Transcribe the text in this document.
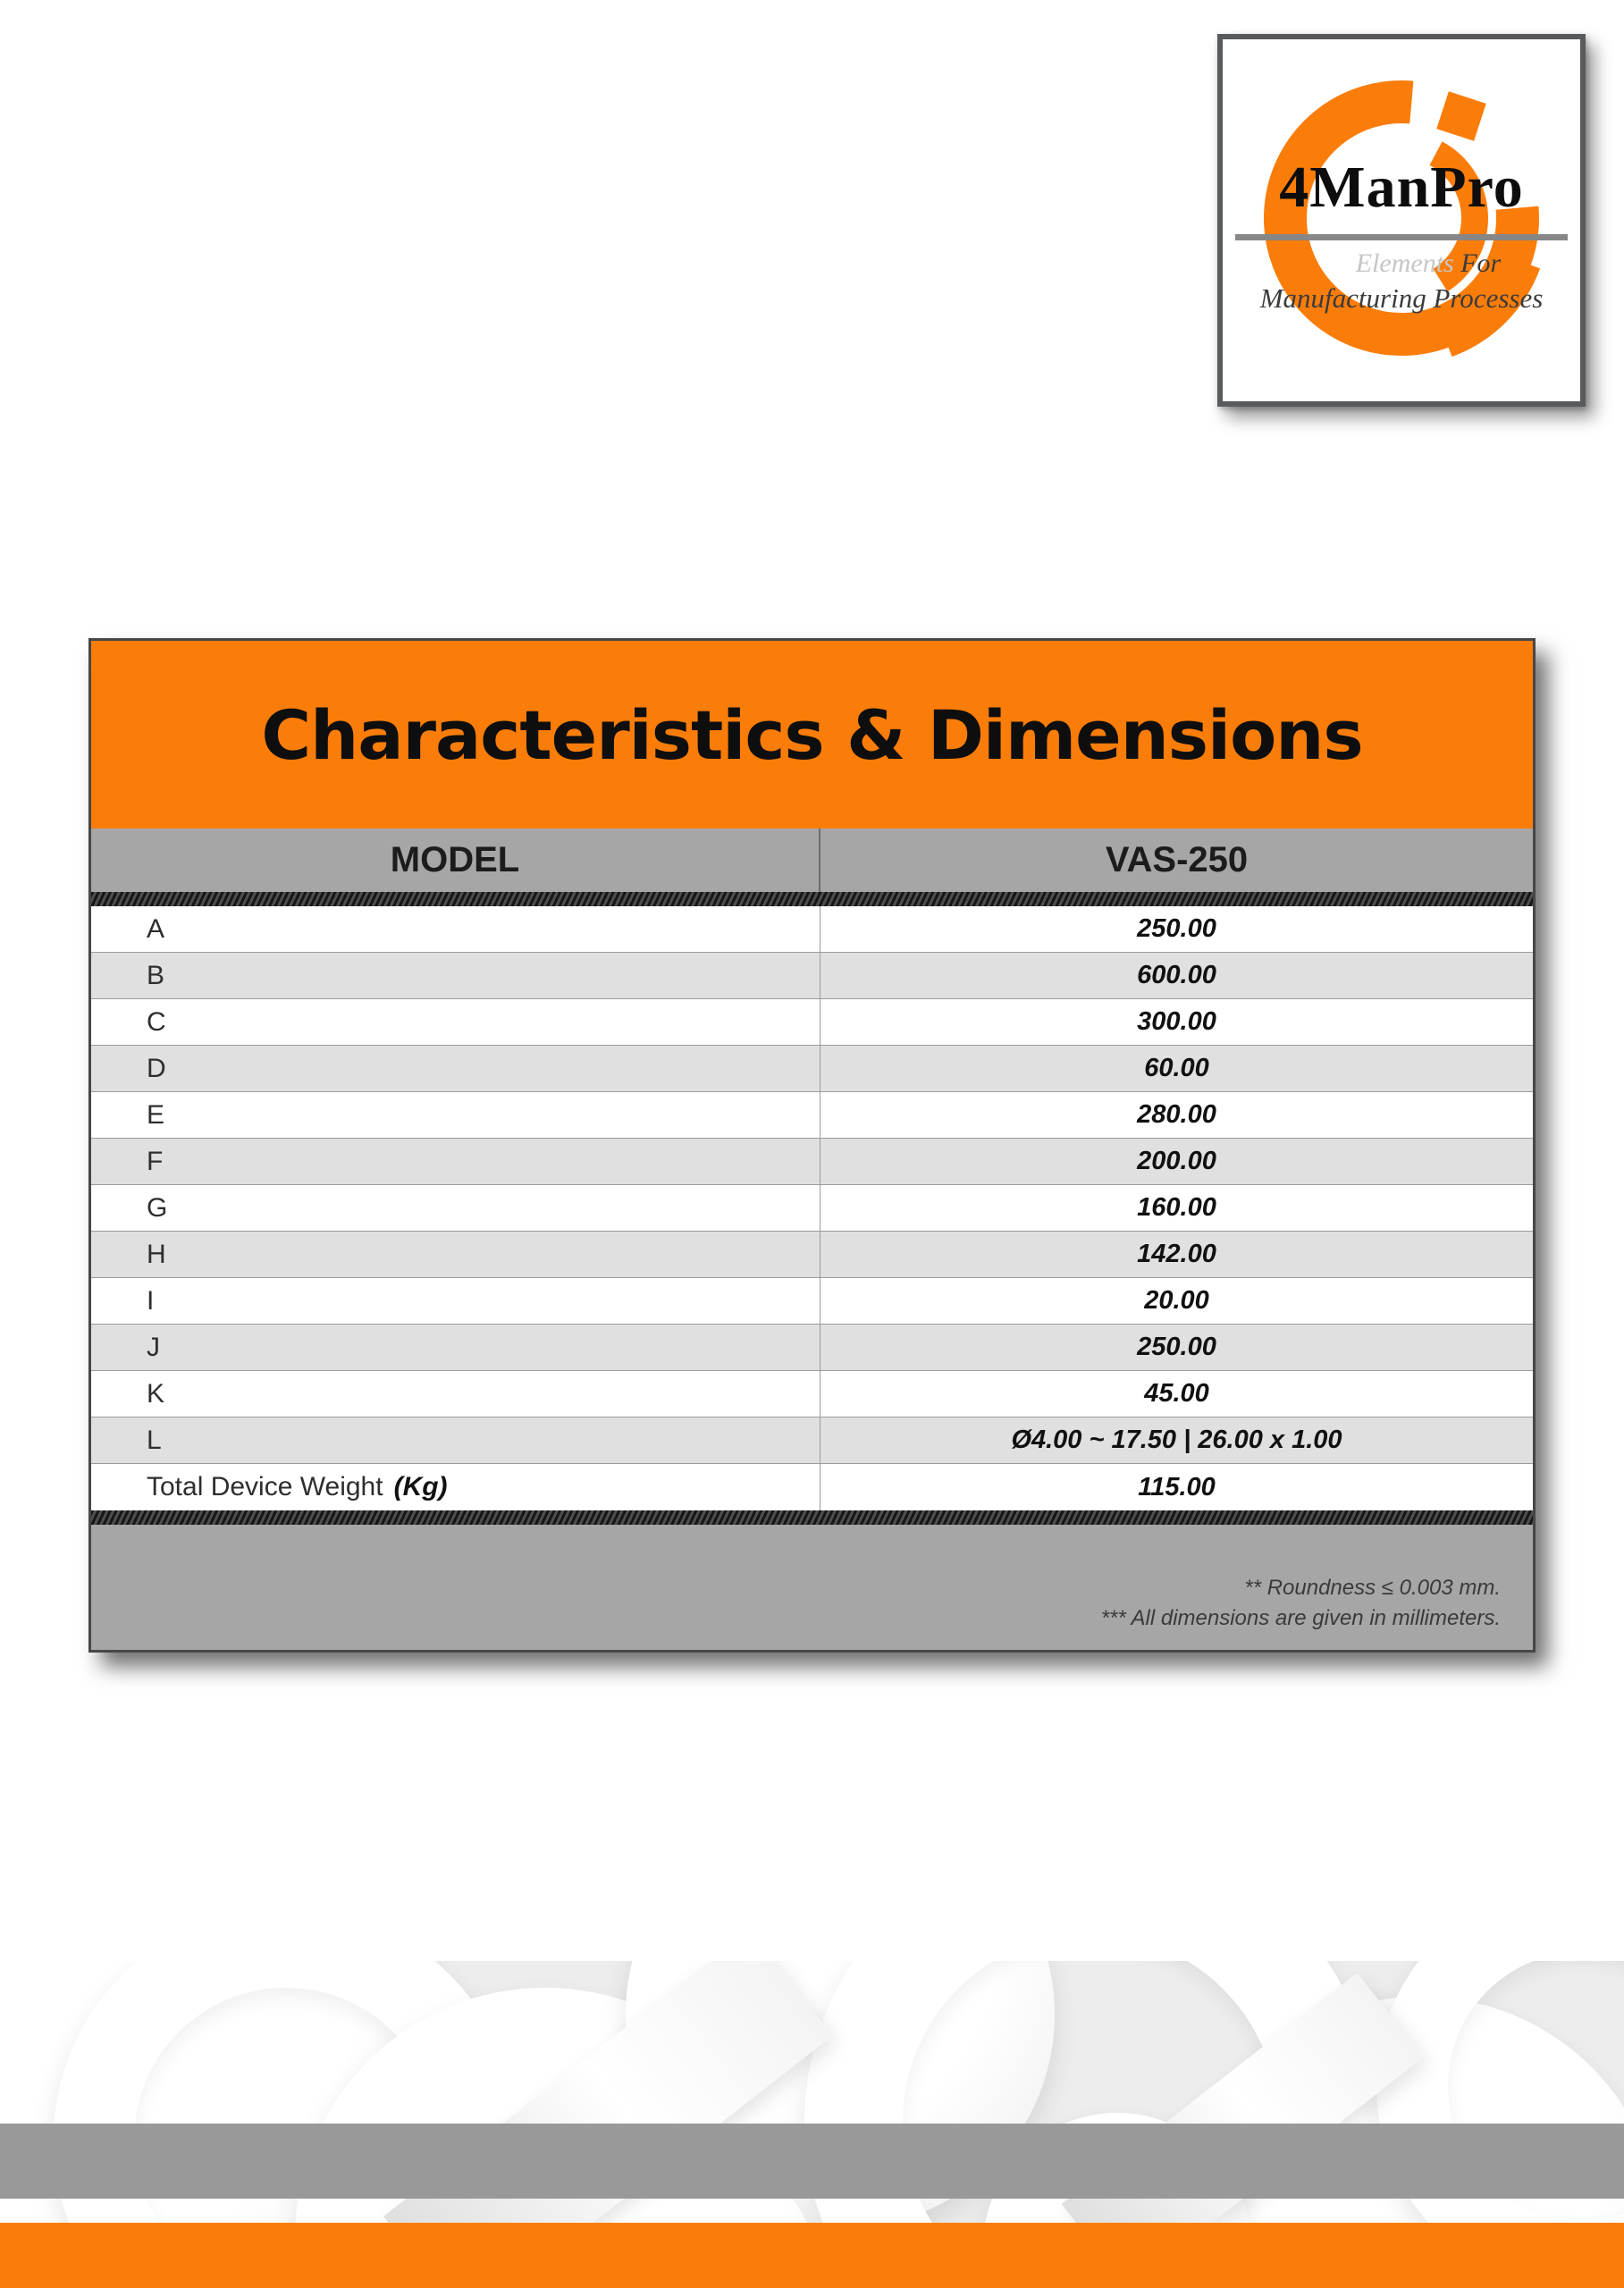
4ManPro
Elements For
Manufacturing Processes
Characteristics & Dimensions
MODEL	VAS-250
A	250.00
B	600.00
C	300.00
D	60.00
E	280.00
F	200.00
G	160.00
H	142.00
I	20.00
J	250.00
K	45.00
L	Ø4.00 ~ 17.50 | 26.00 x 1.00
Total Device Weight (Kg)	115.00
** Roundness ≤ 0.003 mm.
*** All dimensions are given in millimeters.
